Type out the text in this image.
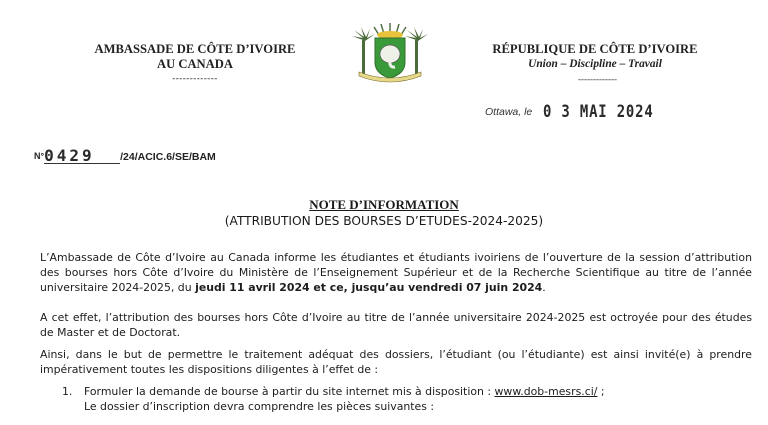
AMBASSADE DE CÔTE D’IVOIRE
AU CANADA
-------------
RÉPUBLIQUE DE CÔTE D’IVOIRE
Union – Discipline – Travail
-------------
Ottawa, le 0 3 MAI 2024
N°0429 /24/ACIC.6/SE/BAM
NOTE D’INFORMATION
(ATTRIBUTION DES BOURSES D’ETUDES-2024-2025)
L’Ambassade de Côte d’Ivoire au Canada informe les étudiantes et étudiants ivoiriens de l’ouverture de la session d’attribution des bourses hors Côte d’Ivoire du Ministère de l’Enseignement Supérieur et de la Recherche Scientifique au titre de l’année universitaire 2024-2025, du jeudi 11 avril 2024 et ce, jusqu’au vendredi 07 juin 2024.
A cet effet, l’attribution des bourses hors Côte d’Ivoire au titre de l’année universitaire 2024-2025 est octroyée pour des études de Master et de Doctorat.
Ainsi, dans le but de permettre le traitement adéquat des dossiers, l’étudiant (ou l’étudiante) est ainsi invité(e) à prendre impérativement toutes les dispositions diligentes à l’effet de :
1. Formuler la demande de bourse à partir du site internet mis à disposition : www.dob-mesrs.ci/ ;
Le dossier d’inscription devra comprendre les pièces suivantes :
